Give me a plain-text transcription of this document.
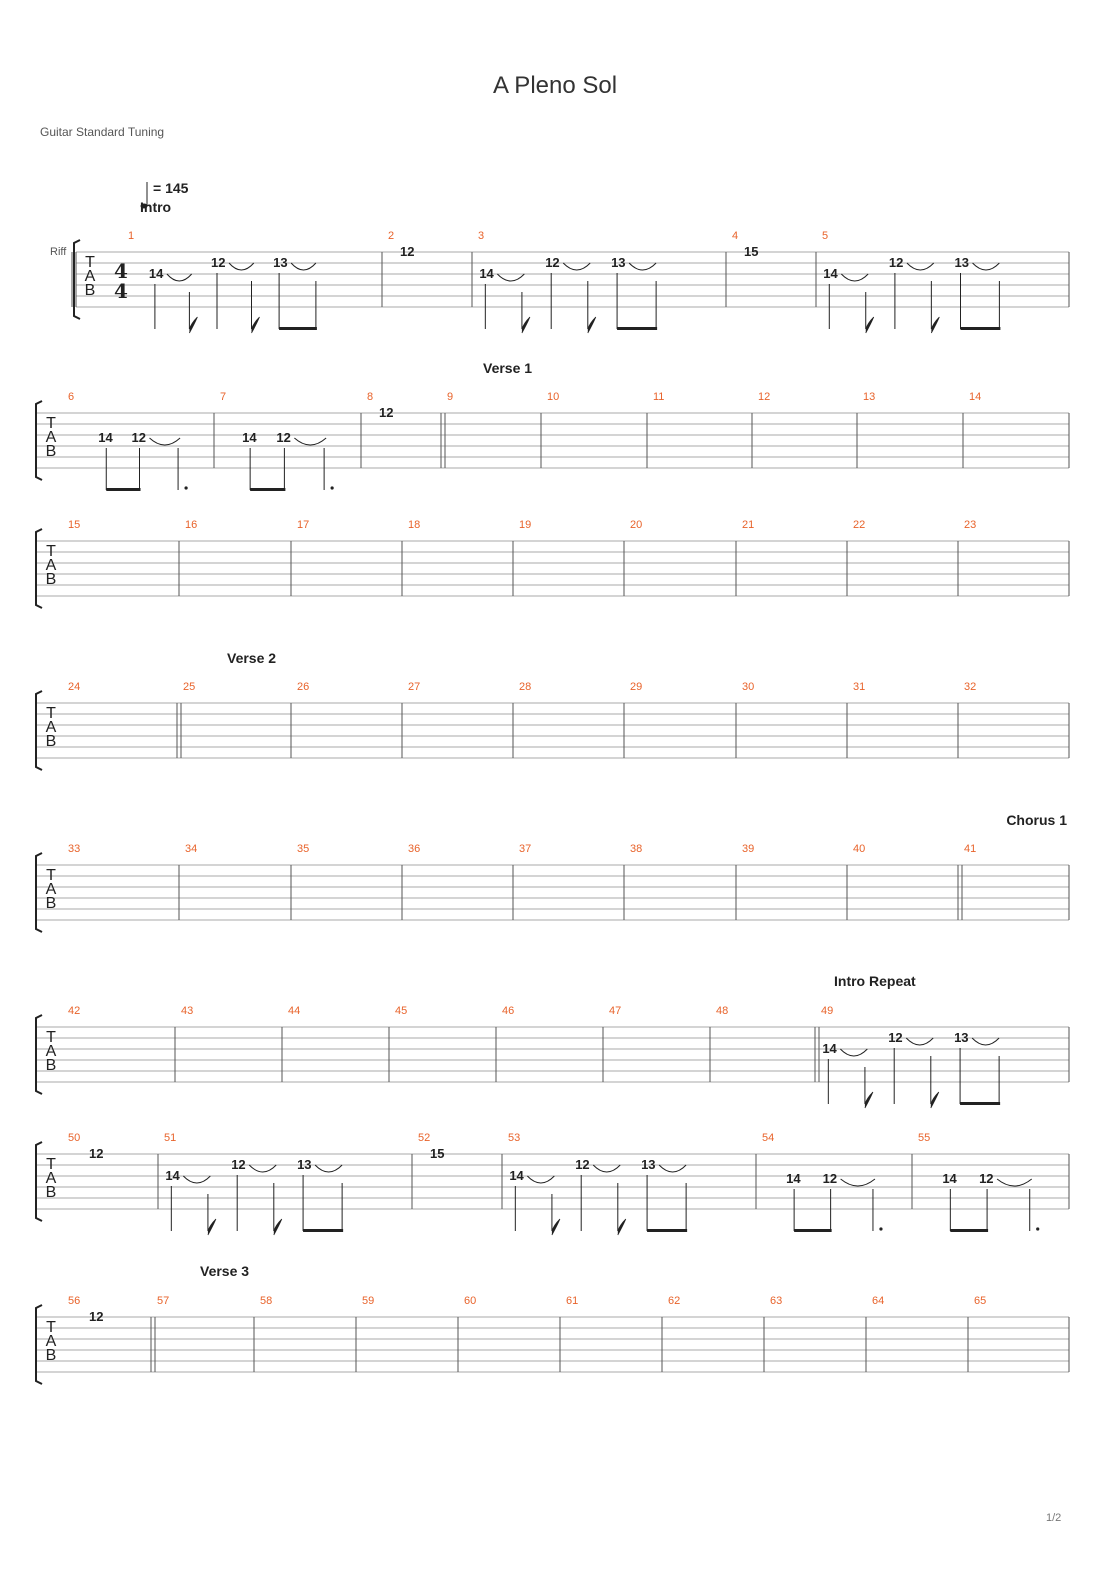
A Pleno Sol
Guitar Standard Tuning
T
A
B
1
14
12	13
2
12
3
14
12	13
4
15
5
14
12	13
T
A
B
6
14 12
7
14 12
8
12
9
Verse 1
10	11	12	13	14
T
A
B
15	16	17	18	19	20	21	22	23
T
A
B
24	25
Verse 2
26	27	28	29	30	31	32
T
A
B
33	34	35	36	37	38	39	40	41
Chorus 1
T
A
B
42	43	44	45	46	47	48	49
Intro Repeat
14
12	13
T
A
B
50
12
51
14
12	13
52
15
53
14
12	13
54
14 12
55
14 12
T
A
B
56
12
57
Verse 3
58	59	60	61	62	63	64	65
Riff
4
4
= 145
Intro
1/2
